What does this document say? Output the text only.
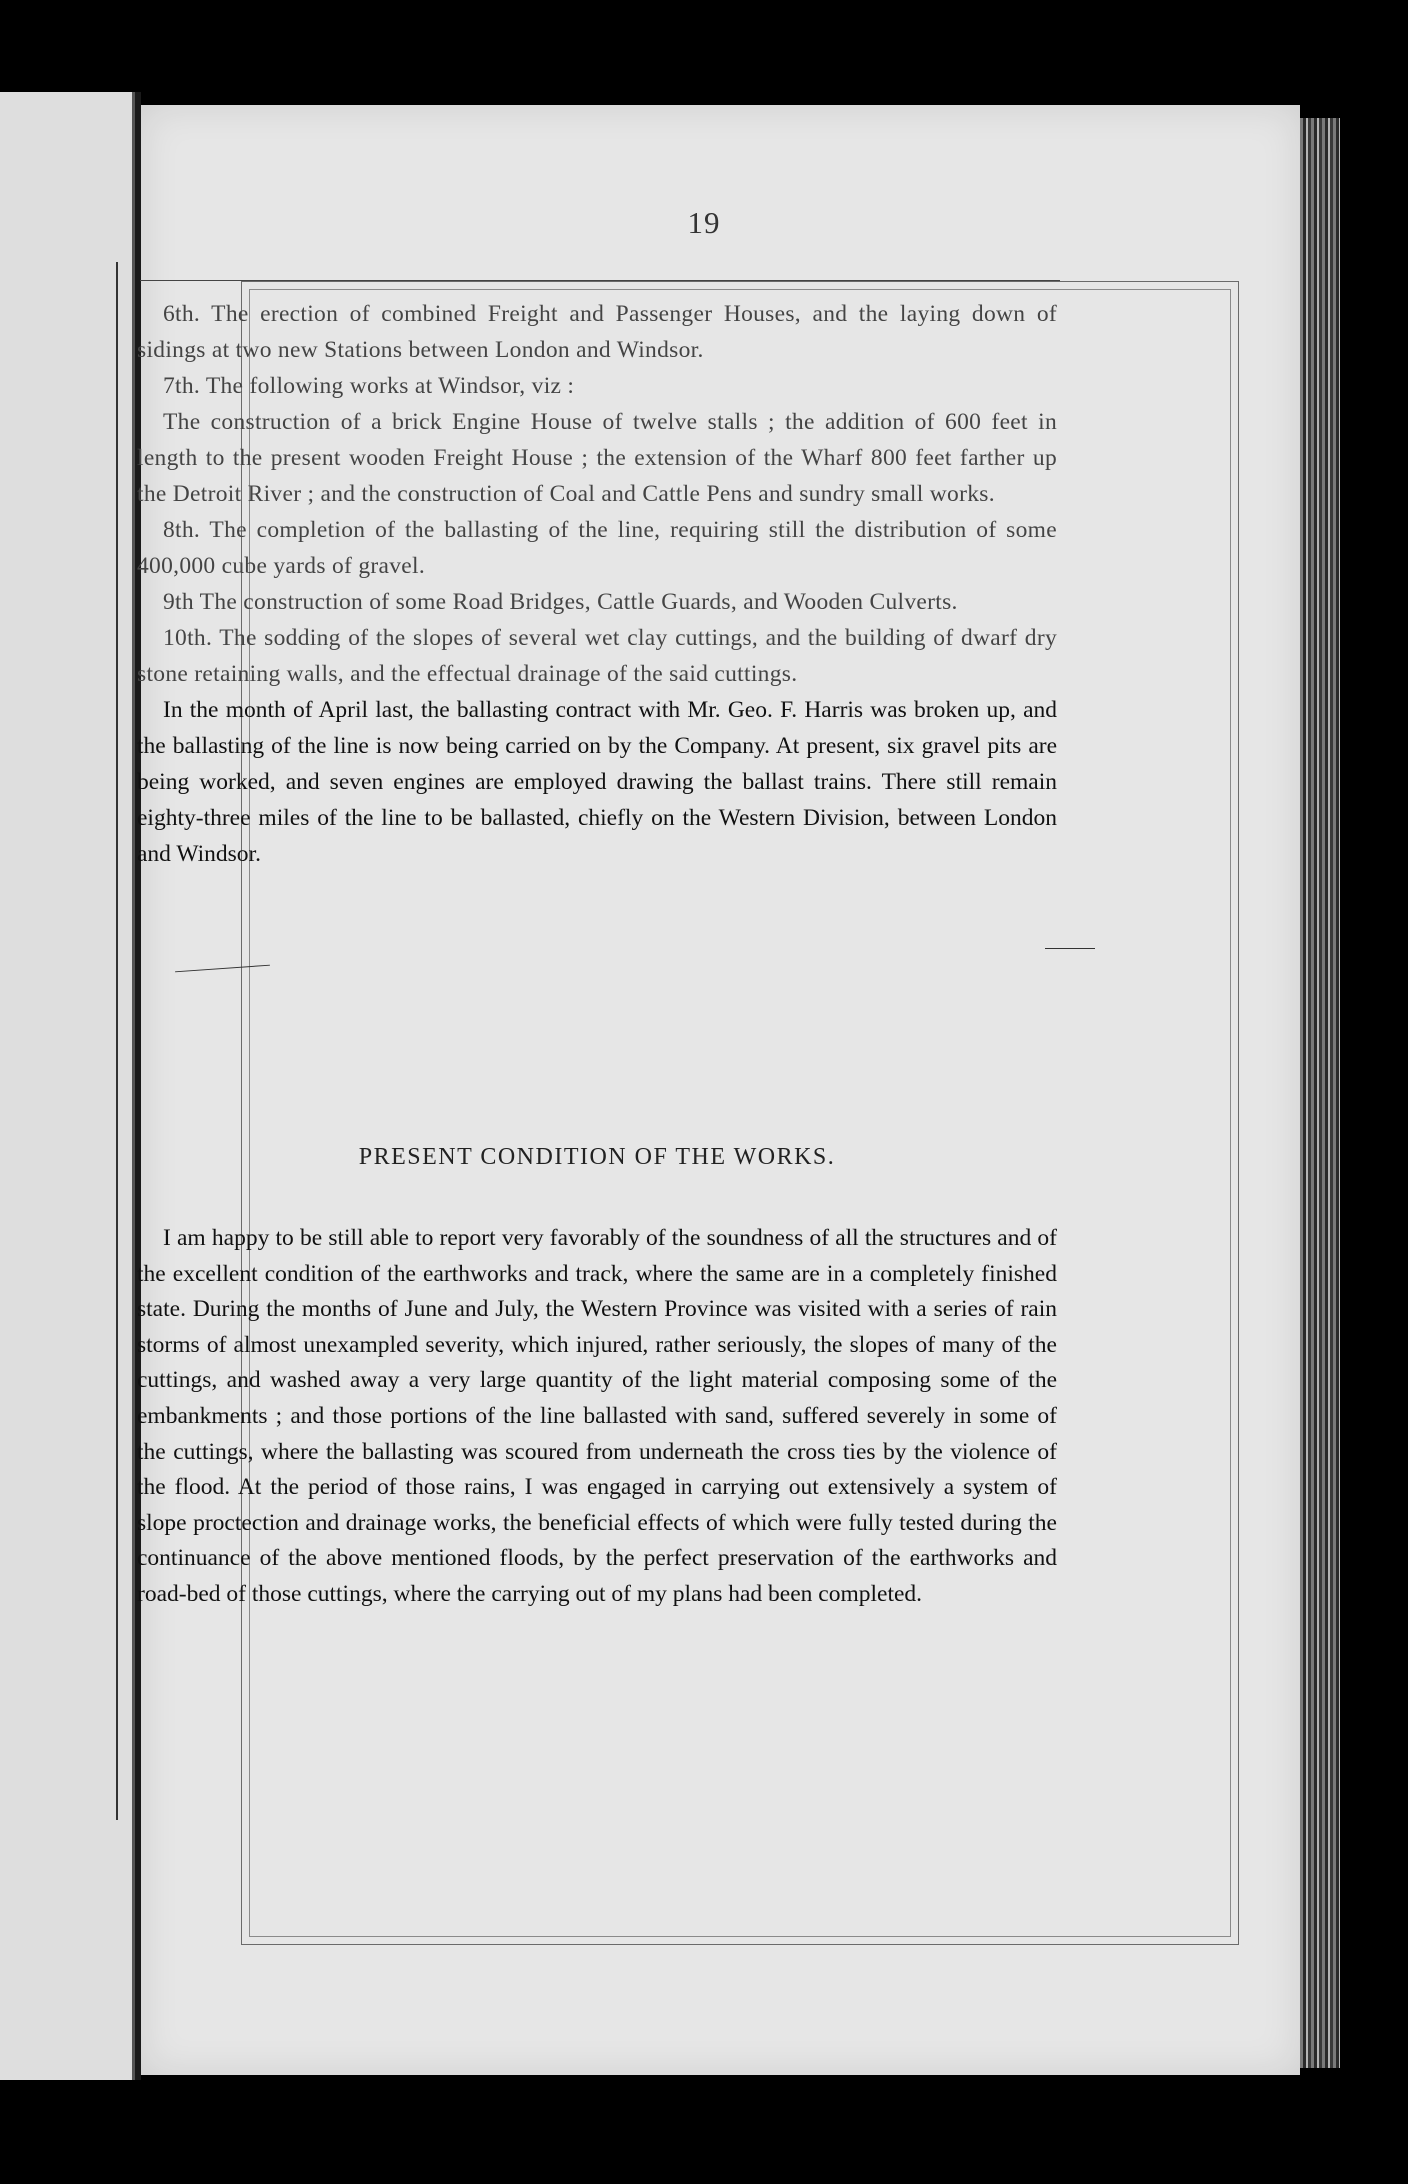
19

6th. The erection of combined Freight and Passenger Houses, and the laying down of sidings at two new Stations between London and Windsor.

7th. The following works at Windsor, viz :

The construction of a brick Engine House of twelve stalls ; the addition of 600 feet in length to the present wooden Freight House ; the extension of the Wharf 800 feet farther up the Detroit River ; and the construction of Coal and Cattle Pens and sundry small works.

8th. The completion of the ballasting of the line, requiring still the distribution of some 400,000 cube yards of gravel.

9th The construction of some Road Bridges, Cattle Guards, and Wooden Culverts.

10th. The sodding of the slopes of several wet clay cuttings, and the building of dwarf dry stone retaining walls, and the effectual drainage of the said cuttings.

In the month of April last, the ballasting contract with Mr. Geo. F. Harris was broken up, and the ballasting of the line is now being carried on by the Company. At present, six gravel pits are being worked, and seven engines are employed drawing the ballast trains. There still remain eighty-three miles of the line to be ballasted, chiefly on the Western Division, between London and Windsor.

PRESENT CONDITION OF THE WORKS.

I am happy to be still able to report very favorably of the soundness of all the structures and of the excellent condition of the earthworks and track, where the same are in a completely finished state. During the months of June and July, the Western Province was visited with a series of rain storms of almost unexampled severity, which injured, rather seriously, the slopes of many of the cuttings, and washed away a very large quantity of the light material composing some of the embankments ; and those portions of the line ballasted with sand, suffered severely in some of the cuttings, where the ballasting was scoured from underneath the cross ties by the violence of the flood. At the period of those rains, I was engaged in carrying out extensively a system of slope proctection and drainage works, the beneficial effects of which were fully tested during the continuance of the above mentioned floods, by the perfect preservation of the earthworks and road-bed of those cuttings, where the carrying out of my plans had been completed.
